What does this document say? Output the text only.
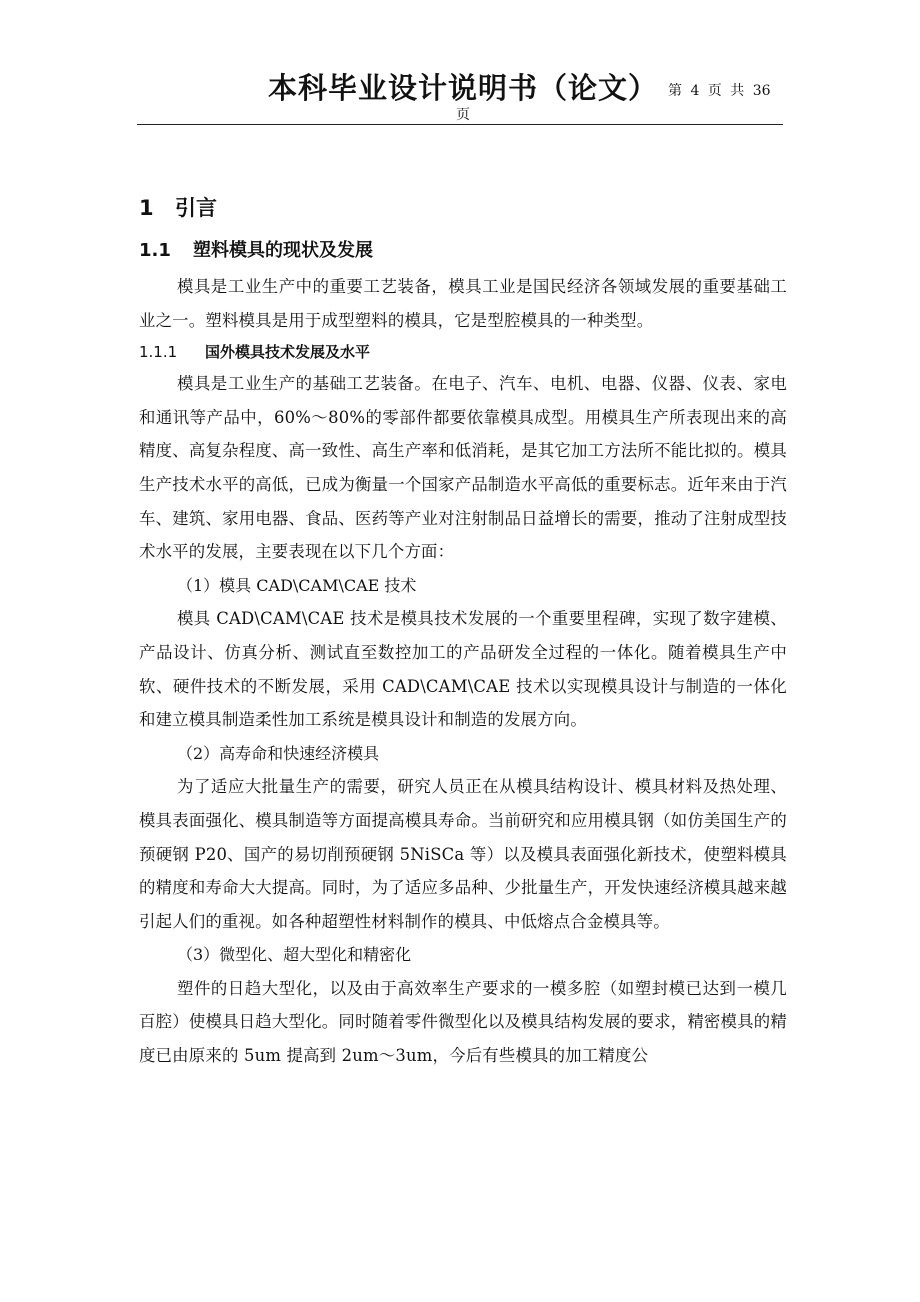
本科毕业设计说明书（论文） 第 4 页 共 36
页
1 引言
1.1 塑料模具的现状及发展

模具是工业生产中的重要工艺装备，模具工业是国民经济各领域发展的重要基础工业之一。塑料模具是用于成型塑料的模具，它是型腔模具的一种类型。

1.1.1 国外模具技术发展及水平

模具是工业生产的基础工艺装备。在电子、汽车、电机、电器、仪器、仪表、家电和通讯等产品中，60%～80%的零部件都要依靠模具成型。用模具生产所表现出来的高精度、高复杂程度、高一致性、高生产率和低消耗，是其它加工方法所不能比拟的。模具生产技术水平的高低，已成为衡量一个国家产品制造水平高低的重要标志。近年来由于汽车、建筑、家用电器、食品、医药等产业对注射制品日益增长的需要，推动了注射成型技术水平的发展，主要表现在以下几个方面：

（1）模具 CAD\CAM\CAE 技术

模具 CAD\CAM\CAE 技术是模具技术发展的一个重要里程碑，实现了数字建模、产品设计、仿真分析、测试直至数控加工的产品研发全过程的一体化。随着模具生产中软、硬件技术的不断发展，采用 CAD\CAM\CAE 技术以实现模具设计与制造的一体化和建立模具制造柔性加工系统是模具设计和制造的发展方向。

（2）高寿命和快速经济模具

为了适应大批量生产的需要，研究人员正在从模具结构设计、模具材料及热处理、模具表面强化、模具制造等方面提高模具寿命。当前研究和应用模具钢（如仿美国生产的预硬钢 P20、国产的易切削预硬钢 5NiSCa 等）以及模具表面强化新技术，使塑料模具的精度和寿命大大提高。同时，为了适应多品种、少批量生产，开发快速经济模具越来越引起人们的重视。如各种超塑性材料制作的模具、中低熔点合金模具等。

（3）微型化、超大型化和精密化

塑件的日趋大型化，以及由于高效率生产要求的一模多腔（如塑封模已达到一模几百腔）使模具日趋大型化。同时随着零件微型化以及模具结构发展的要求，精密模具的精度已由原来的 5um 提高到 2um～3um，今后有些模具的加工精度公
